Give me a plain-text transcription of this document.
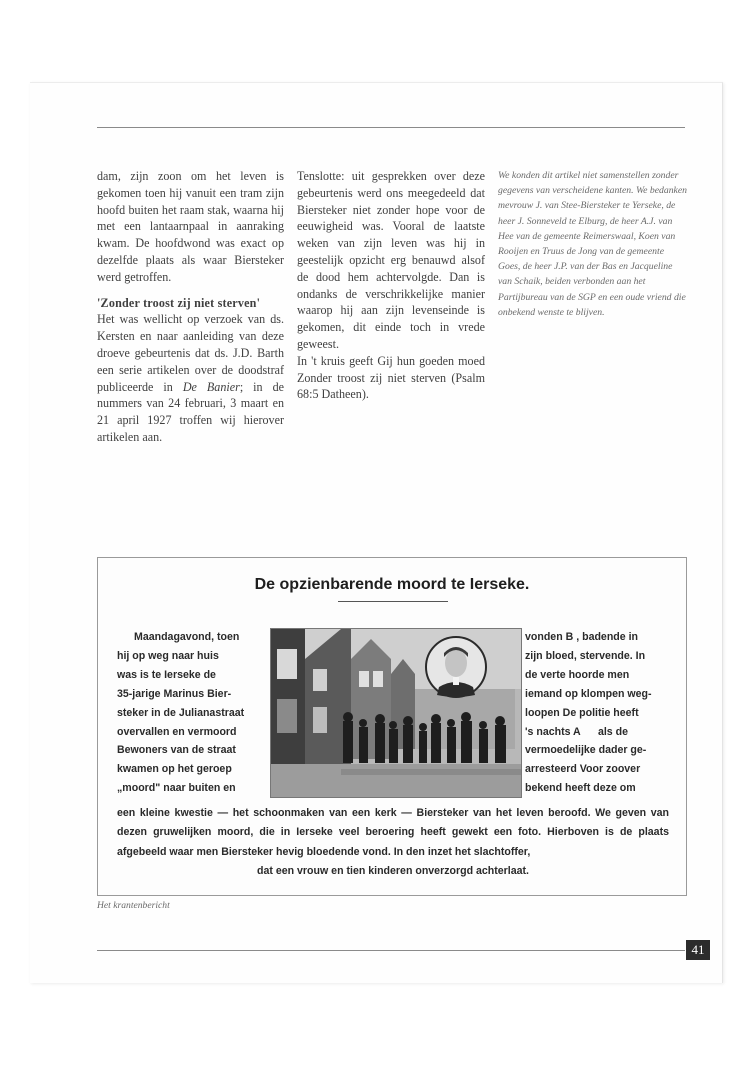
dam, zijn zoon om het leven is gekomen toen hij vanuit een tram zijn hoofd buiten het raam stak, waarna hij met een lantaarnpaal in aanraking kwam. De hoofdwond was exact op dezelfde plaats als waar Biersteker werd getroffen.

'Zonder troost zij niet sterven'

Het was wellicht op verzoek van ds. Kersten en naar aanleiding van deze droeve gebeurtenis dat ds. J.D. Barth een serie artikelen over de doodstraf publiceerde in De Banier; in de nummers van 24 februari, 3 maart en 21 april 1927 troffen wij hierover artikelen aan.

Tenslotte: uit gesprekken over deze gebeurtenis werd ons meegedeeld dat Biersteker niet zonder hope voor de eeuwigheid was. Vooral de laatste weken van zijn leven was hij in geestelijk opzicht erg benauwd alsof de dood hem achtervolgde. Dan is ondanks de verschrikkelijke manier waarop hij aan zijn levenseinde is gekomen, dit einde toch in vrede geweest.

In 't kruis geeft Gij hun goeden moed Zonder troost zij niet sterven (Psalm 68:5 Datheen).

We konden dit artikel niet samenstellen zonder gegevens van verscheidene kanten. We bedanken mevrouw J. van Stee-Biersteker te Yerseke, de heer J. Sonneveld te Elburg, de heer A.J. van Hee van de gemeente Reimerswaal, Koen van Rooijen en Truus de Jong van de gemeente Goes, de heer J.P. van der Bas en Jacqueline van Schaik, beiden verbonden aan het Partijbureau van de SGP en een oude vriend die onbekend wenste te blijven.

De opzienbarende moord te Ierseke.

Maandagavond, toen

hij op weg naar huis

was is te Ierseke de

35-jarige Marinus Bier-

steker in de Julianastraat

overvallen en vermoord

Bewoners van de straat

kwamen op het geroep

„moord" naar buiten en

vonden B , badende in

zijn bloed, stervende. In

de verte hoorde men

iemand op klompen weg-

loopen De politie heeft

's nachts A      als de

vermoedelijke dader ge-

arresteerd Voor zoover

bekend heeft deze om

een kleine kwestie — het schoonmaken van een kerk — Biersteker van het leven beroofd. We geven van dezen gruwelijken moord, die in Ierseke veel beroering heeft gewekt een foto. Hierboven is de plaats afgebeeld waar men Biersteker hevig bloedende vond. In den inzet het slachtoffer,

dat een vrouw en tien kinderen onverzorgd achterlaat.

Het krantenbericht
41
